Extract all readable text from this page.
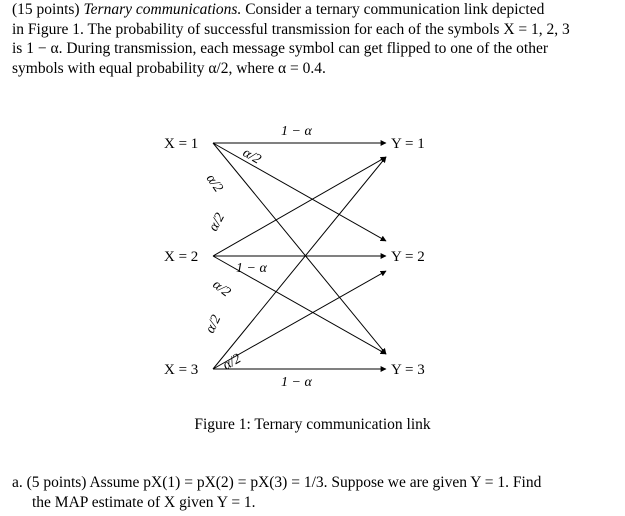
(15 points) Ternary communications. Consider a ternary communication link depicted
in Figure 1. The probability of successful transmission for each of the symbols X = 1, 2, 3
is 1 − α. During transmission, each message symbol can get flipped to one of the other
symbols with equal probability α/2, where α = 0.4.
X = 1
X = 2
X = 3
Y = 1
Y = 2
Y = 3
1 − α
1 − α
1 − α
α/2
α/2
α/2
α/2
α/2
α/2
Figure 1: Ternary communication link
a. (5 points) Assume pX(1) = pX(2) = pX(3) = 1/3. Suppose we are given Y = 1. Find
the MAP estimate of X given Y = 1.
